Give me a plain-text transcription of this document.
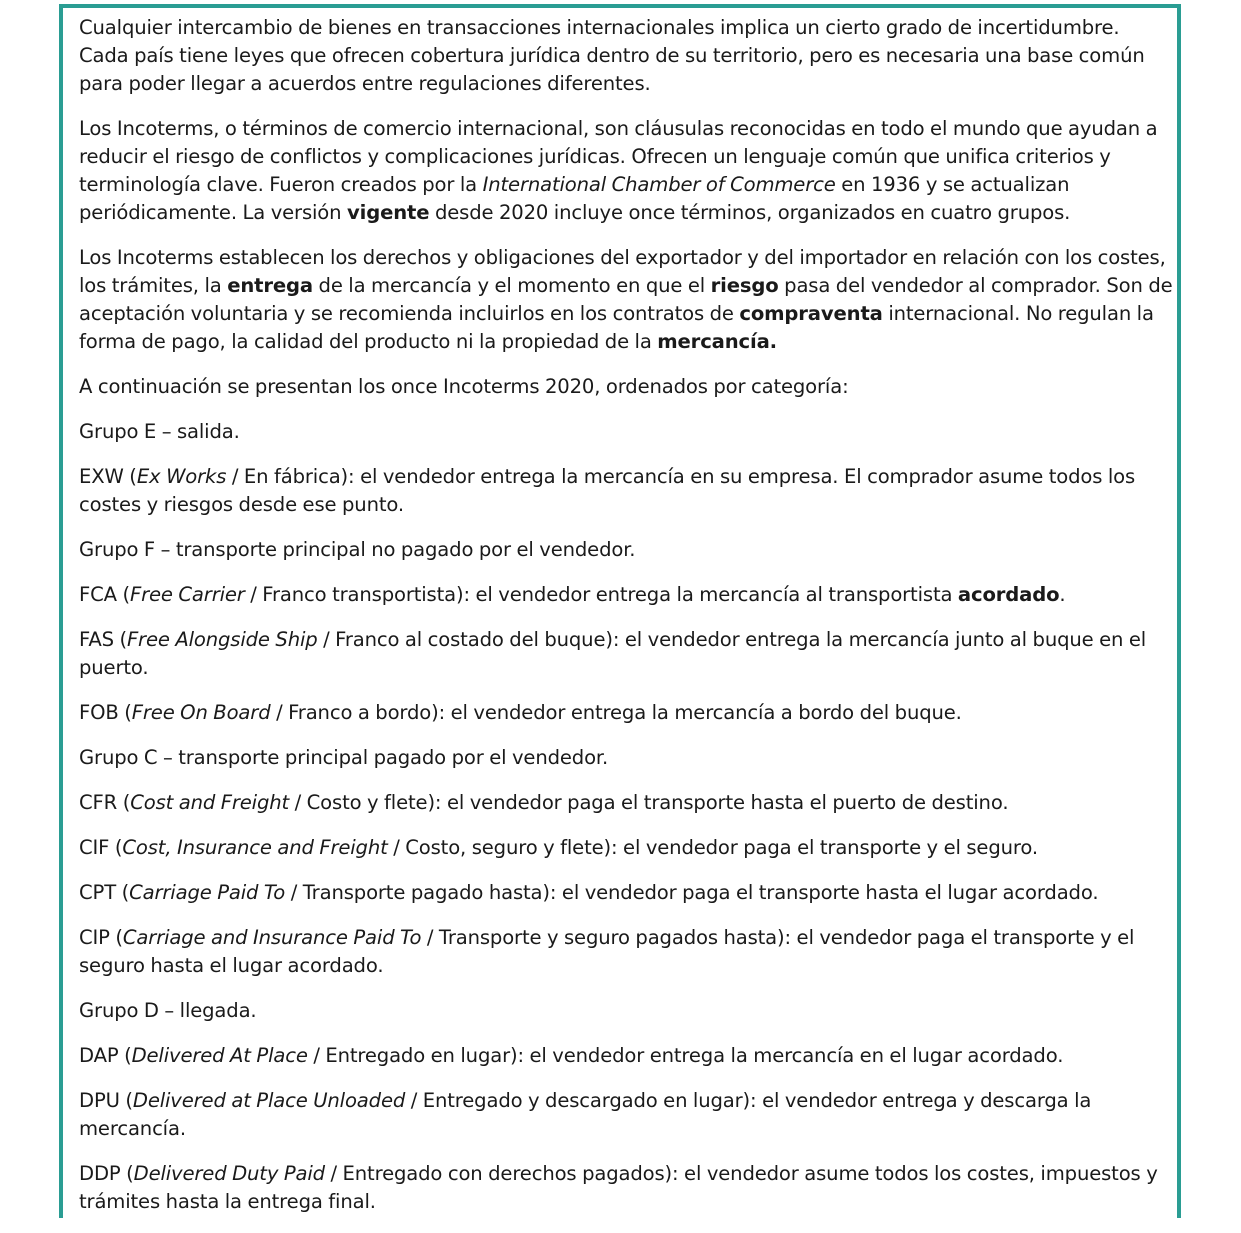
Cualquier intercambio de bienes en transacciones internacionales implica un cierto grado de incertidumbre. Cada país tiene leyes que ofrecen cobertura jurídica dentro de su territorio, pero es necesaria una base común para poder llegar a acuerdos entre regulaciones diferentes.

Los Incoterms, o términos de comercio internacional, son cláusulas reconocidas en todo el mundo que ayudan a reducir el riesgo de conflictos y complicaciones jurídicas. Ofrecen un lenguaje común que unifica criterios y terminología clave. Fueron creados por la International Chamber of Commerce en 1936 y se actualizan periódicamente. La versión vigente desde 2020 incluye once términos, organizados en cuatro grupos.

Los Incoterms establecen los derechos y obligaciones del exportador y del importador en relación con los costes, los trámites, la entrega de la mercancía y el momento en que el riesgo pasa del vendedor al comprador. Son de aceptación voluntaria y se recomienda incluirlos en los contratos de compraventa internacional. No regulan la forma de pago, la calidad del producto ni la propiedad de la mercancía.

A continuación se presentan los once Incoterms 2020, ordenados por categoría:

Grupo E – salida.

EXW (Ex Works / En fábrica): el vendedor entrega la mercancía en su empresa. El comprador asume todos los costes y riesgos desde ese punto.

Grupo F – transporte principal no pagado por el vendedor.

FCA (Free Carrier / Franco transportista): el vendedor entrega la mercancía al transportista acordado.

FAS (Free Alongside Ship / Franco al costado del buque): el vendedor entrega la mercancía junto al buque en el puerto.

FOB (Free On Board / Franco a bordo): el vendedor entrega la mercancía a bordo del buque.

Grupo C – transporte principal pagado por el vendedor.

CFR (Cost and Freight / Costo y flete): el vendedor paga el transporte hasta el puerto de destino.

CIF (Cost, Insurance and Freight / Costo, seguro y flete): el vendedor paga el transporte y el seguro.

CPT (Carriage Paid To / Transporte pagado hasta): el vendedor paga el transporte hasta el lugar acordado.

CIP (Carriage and Insurance Paid To / Transporte y seguro pagados hasta): el vendedor paga el transporte y el seguro hasta el lugar acordado.

Grupo D – llegada.

DAP (Delivered At Place / Entregado en lugar): el vendedor entrega la mercancía en el lugar acordado.

DPU (Delivered at Place Unloaded / Entregado y descargado en lugar): el vendedor entrega y descarga la mercancía.

DDP (Delivered Duty Paid / Entregado con derechos pagados): el vendedor asume todos los costes, impuestos y trámites hasta la entrega final.
